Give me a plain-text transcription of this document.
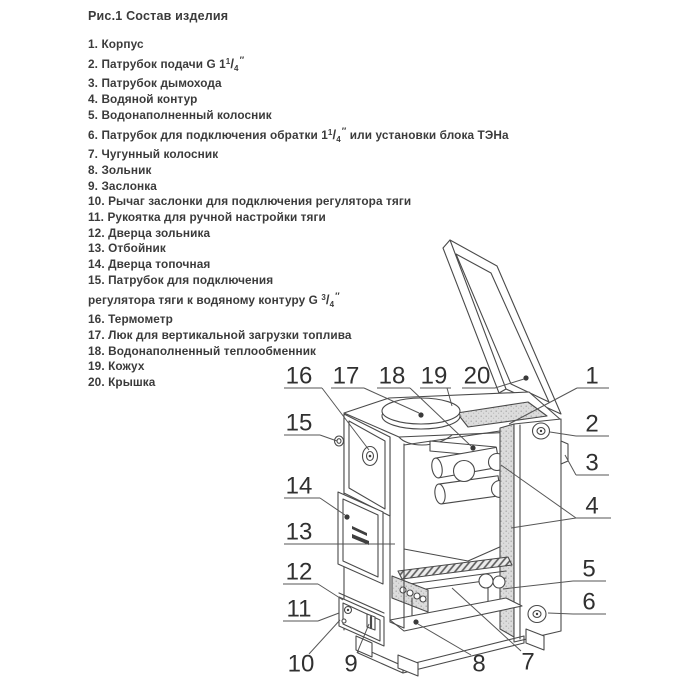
Рис.1 Состав изделия
1. Корпус
2. Патрубок подачи G $1^1/_4''$
3. Патрубок дымохода
4. Водяной контур
5. Водонаполненный колосник
6. Патрубок для подключения обратки $1^1/_4''$ или установки блока ТЭНа
7. Чугунный колосник
8. Зольник
9. Заслонка
10. Рычаг заслонки для подключения регулятора тяги
11. Рукоятка для ручной настройки тяги
12. Дверца зольника
13. Отбойник
14. Дверца топочная
15. Патрубок для подключения
регулятора тяги к водяному контуру G $^3/_4''$
16. Термометр
17. Люк для вертикальной загрузки топлива
18. Водонаполненный теплообменник
19. Кожух
20. Крышка	16 17 18 19 20	1
2
3
4
5
6
15
14
13
12
11
10 9	8 7
